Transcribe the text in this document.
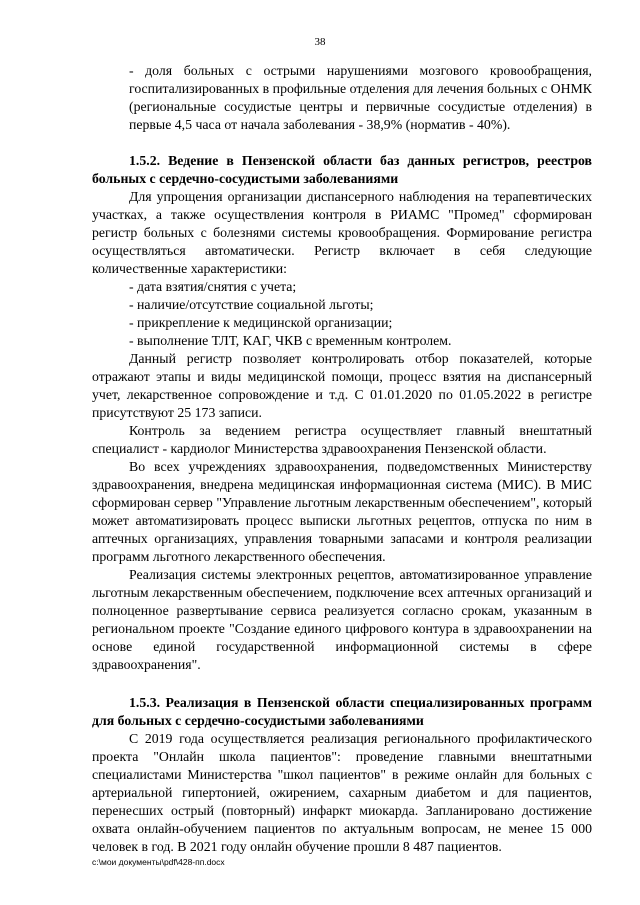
38

- доля больных с острыми нарушениями мозгового кровообращения, госпитализированных в профильные отделения для лечения больных с ОНМК (региональные сосудистые центры и первичные сосудистые отделения) в первые 4,5 часа от начала заболевания - 38,9% (норматив - 40%).

1.5.2. Ведение в Пензенской области баз данных регистров, реестров больных с сердечно-сосудистыми заболеваниями

Для упрощения организации диспансерного наблюдения на терапевтических участках, а также осуществления контроля в РИАМС "Промед" сформирован регистр больных с болезнями системы кровообращения. Формирование регистра осуществляться автоматически. Регистр включает в себя следующие количественные характеристики:

- дата взятия/снятия с учета;

- наличие/отсутствие социальной льготы;

- прикрепление к медицинской организации;

- выполнение ТЛТ, КАГ, ЧКВ с временным контролем.

Данный регистр позволяет контролировать отбор показателей, которые отражают этапы и виды медицинской помощи, процесс взятия на диспансерный учет, лекарственное сопровождение и т.д. С 01.01.2020 по 01.05.2022 в регистре присутствуют 25 173 записи.

Контроль за ведением регистра осуществляет главный внештатный специалист - кардиолог Министерства здравоохранения Пензенской области.

Во всех учреждениях здравоохранения, подведомственных Министерству здравоохранения, внедрена медицинская информационная система (МИС). В МИС сформирован сервер "Управление льготным лекарственным обеспечением", который может автоматизировать процесс выписки льготных рецептов, отпуска по ним в аптечных организациях, управления товарными запасами и контроля реализации программ льготного лекарственного обеспечения.

Реализация системы электронных рецептов, автоматизированное управление льготным лекарственным обеспечением, подключение всех аптечных организаций и полноценное развертывание сервиса реализуется согласно срокам, указанным в региональном проекте "Создание единого цифрового контура в здравоохранении на основе единой государственной информационной системы в сфере здравоохранения".

1.5.3. Реализация в Пензенской области специализированных программ для больных с сердечно-сосудистыми заболеваниями

С 2019 года осуществляется реализация регионального профилактического проекта "Онлайн школа пациентов": проведение главными внештатными специалистами Министерства "школ пациентов" в режиме онлайн для больных с артериальной гипертонией, ожирением, сахарным диабетом и для пациентов, перенесших острый (повторный) инфаркт миокарда. Запланировано достижение охвата онлайн-обучением пациентов по актуальным вопросам, не менее 15 000 человек в год. В 2021 году онлайн обучение прошли 8 487 пациентов.

c:\мои документы\pdf\428-пп.docx
